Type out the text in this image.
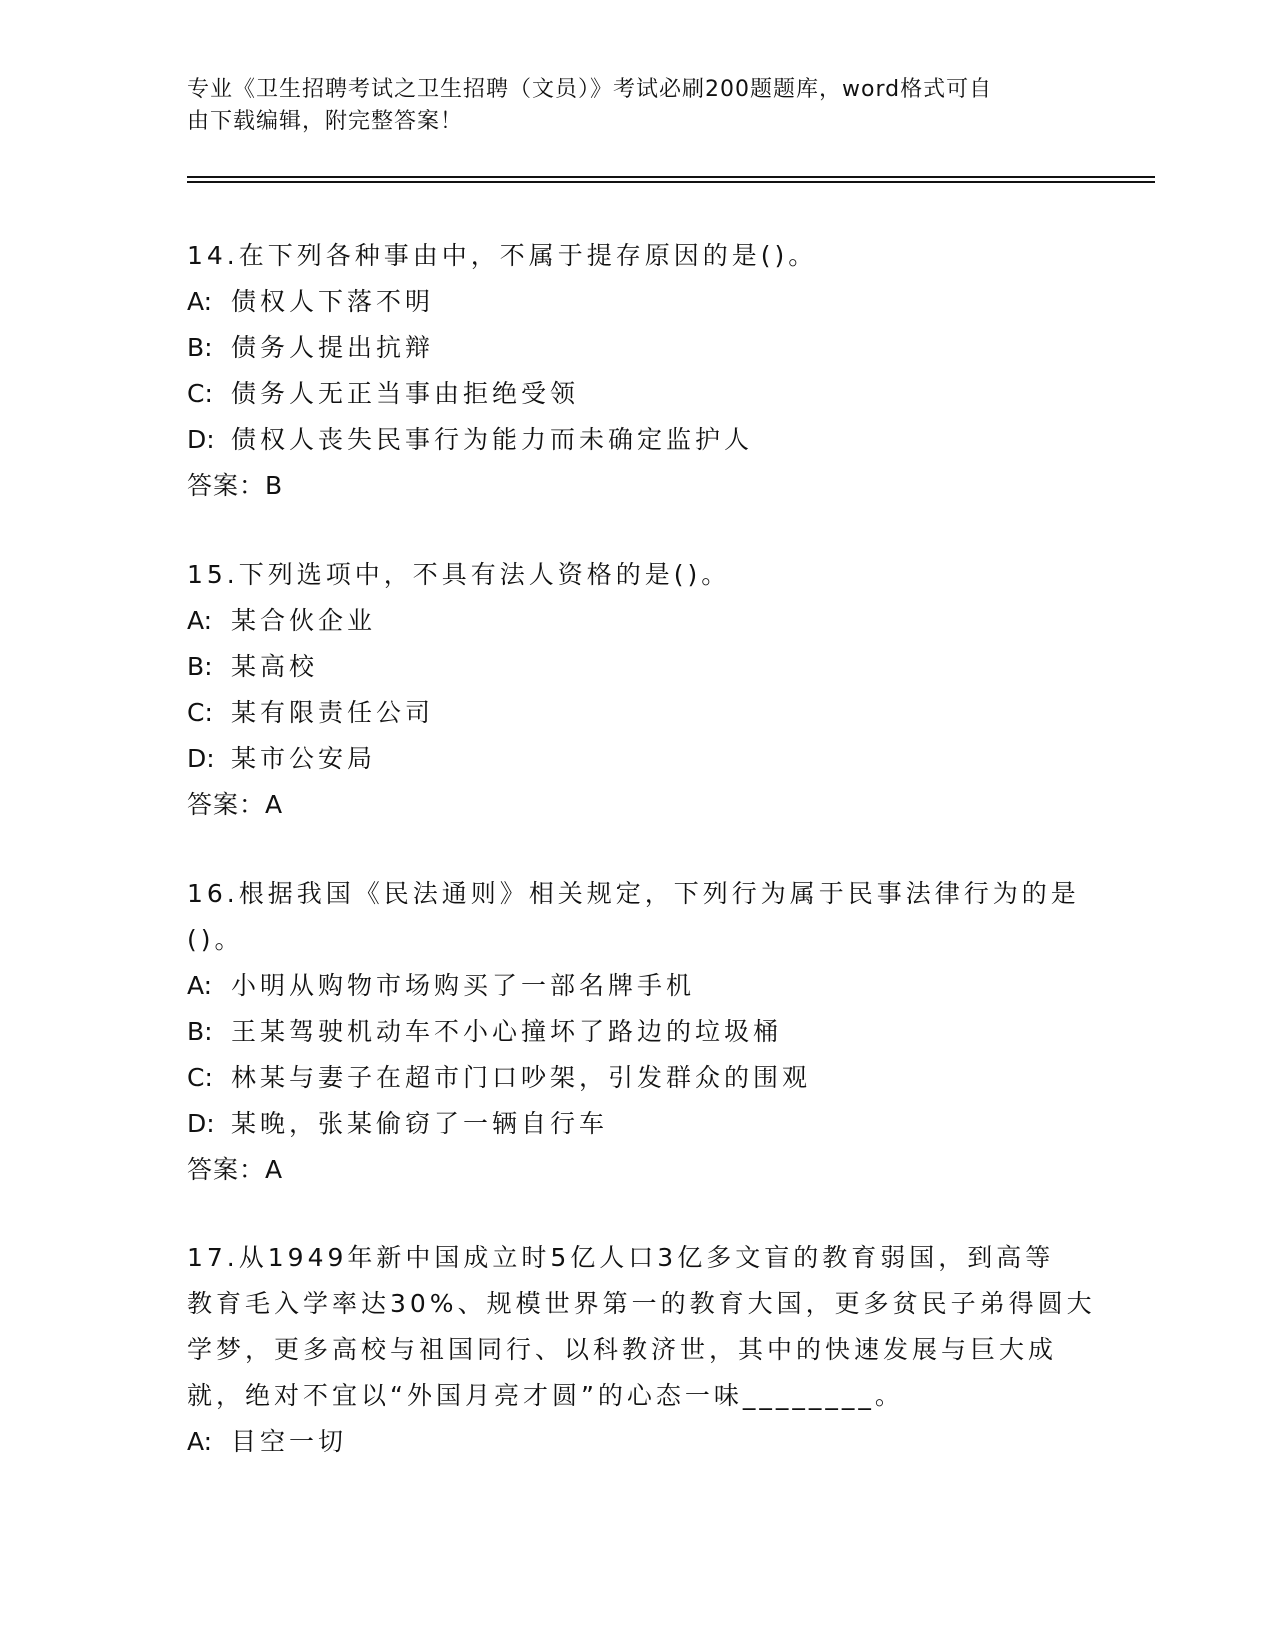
专业《卫生招聘考试之卫生招聘（文员）》考试必刷200题题库，word格式可自
由下载编辑，附完整答案！
14.在下列各种事由中，不属于提存原因的是()。
A: 债权人下落不明
B: 债务人提出抗辩
C: 债务人无正当事由拒绝受领
D: 债权人丧失民事行为能力而未确定监护人
答案：B
15.下列选项中，不具有法人资格的是()。
A: 某合伙企业
B: 某高校
C: 某有限责任公司
D: 某市公安局
答案：A
16.根据我国《民法通则》相关规定，下列行为属于民事法律行为的是
()。
A: 小明从购物市场购买了一部名牌手机
B: 王某驾驶机动车不小心撞坏了路边的垃圾桶
C: 林某与妻子在超市门口吵架，引发群众的围观
D: 某晚，张某偷窃了一辆自行车
答案：A
17.从1949年新中国成立时5亿人口3亿多文盲的教育弱国，到高等
教育毛入学率达30%、规模世界第一的教育大国，更多贫民子弟得圆大
学梦，更多高校与祖国同行、以科教济世，其中的快速发展与巨大成
就，绝对不宜以“外国月亮才圆”的心态一味________。
A: 目空一切
